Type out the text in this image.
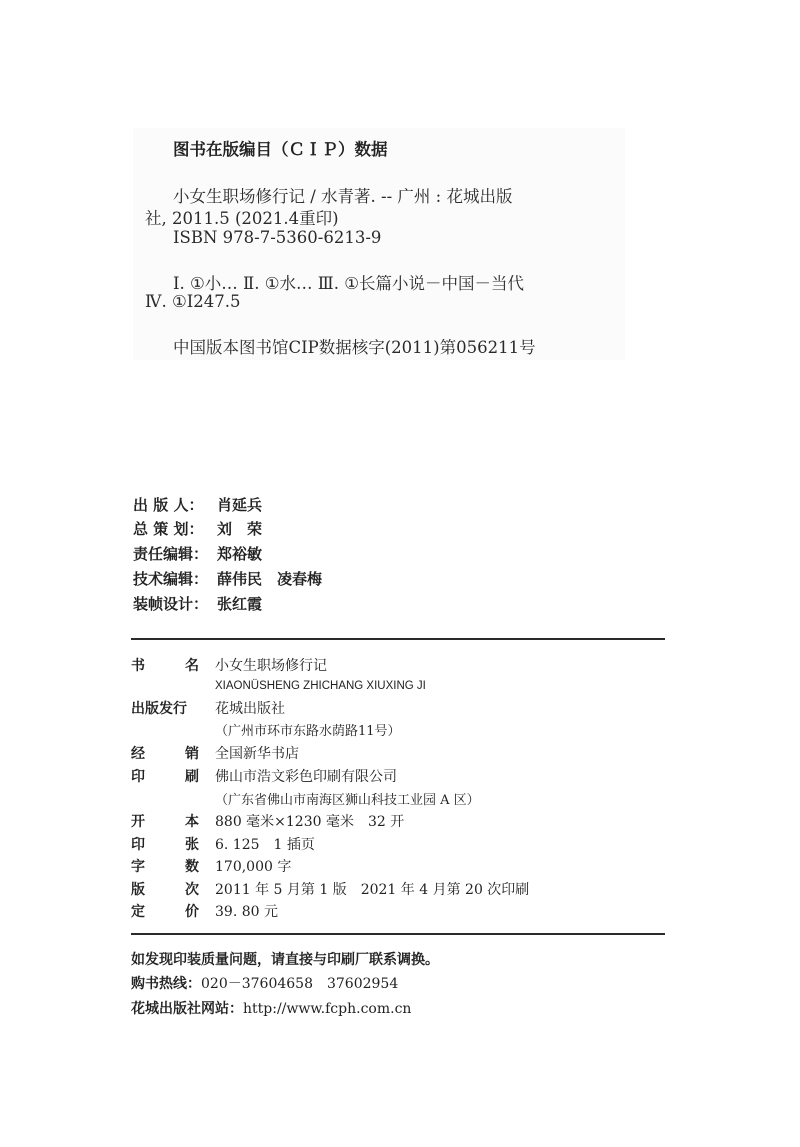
图书在版编目（ＣＩＰ）数据
小女生职场修行记 / 水青著. -- 广州 : 花城出版
社, 2011.5 (2021.4重印)
ISBN 978-7-5360-6213-9
Ⅰ. ①小… Ⅱ. ①水… Ⅲ. ①长篇小说－中国－当代
Ⅳ. ①I247.5
中国版本图书馆CIP数据核字(2011)第056211号
出 版 人： 肖延兵
总 策 划： 刘　荣
责任编辑： 郑裕敏
技术编辑： 薛伟民　凌春梅
装帧设计： 张红霞
书	名 小女生职场修行记
XIAONÜSHENG ZHICHANG XIUXING JI
出版发行	花城出版社
（广州市环市东路水荫路11号）
经	销 全国新华书店
印	刷 佛山市浩文彩色印刷有限公司
（广东省佛山市南海区狮山科技工业园 A 区）
开	本 880 毫米×1230 毫米　32 开
印	张 6. 125　1 插页
字	数 170,000 字
版	次 2011 年 5 月第 1 版　2021 年 4 月第 20 次印刷
定	价 39. 80 元
如发现印装质量问题，请直接与印刷厂联系调换。
购书热线：020－37604658　37602954
花城出版社网站：http://www.fcph.com.cn
